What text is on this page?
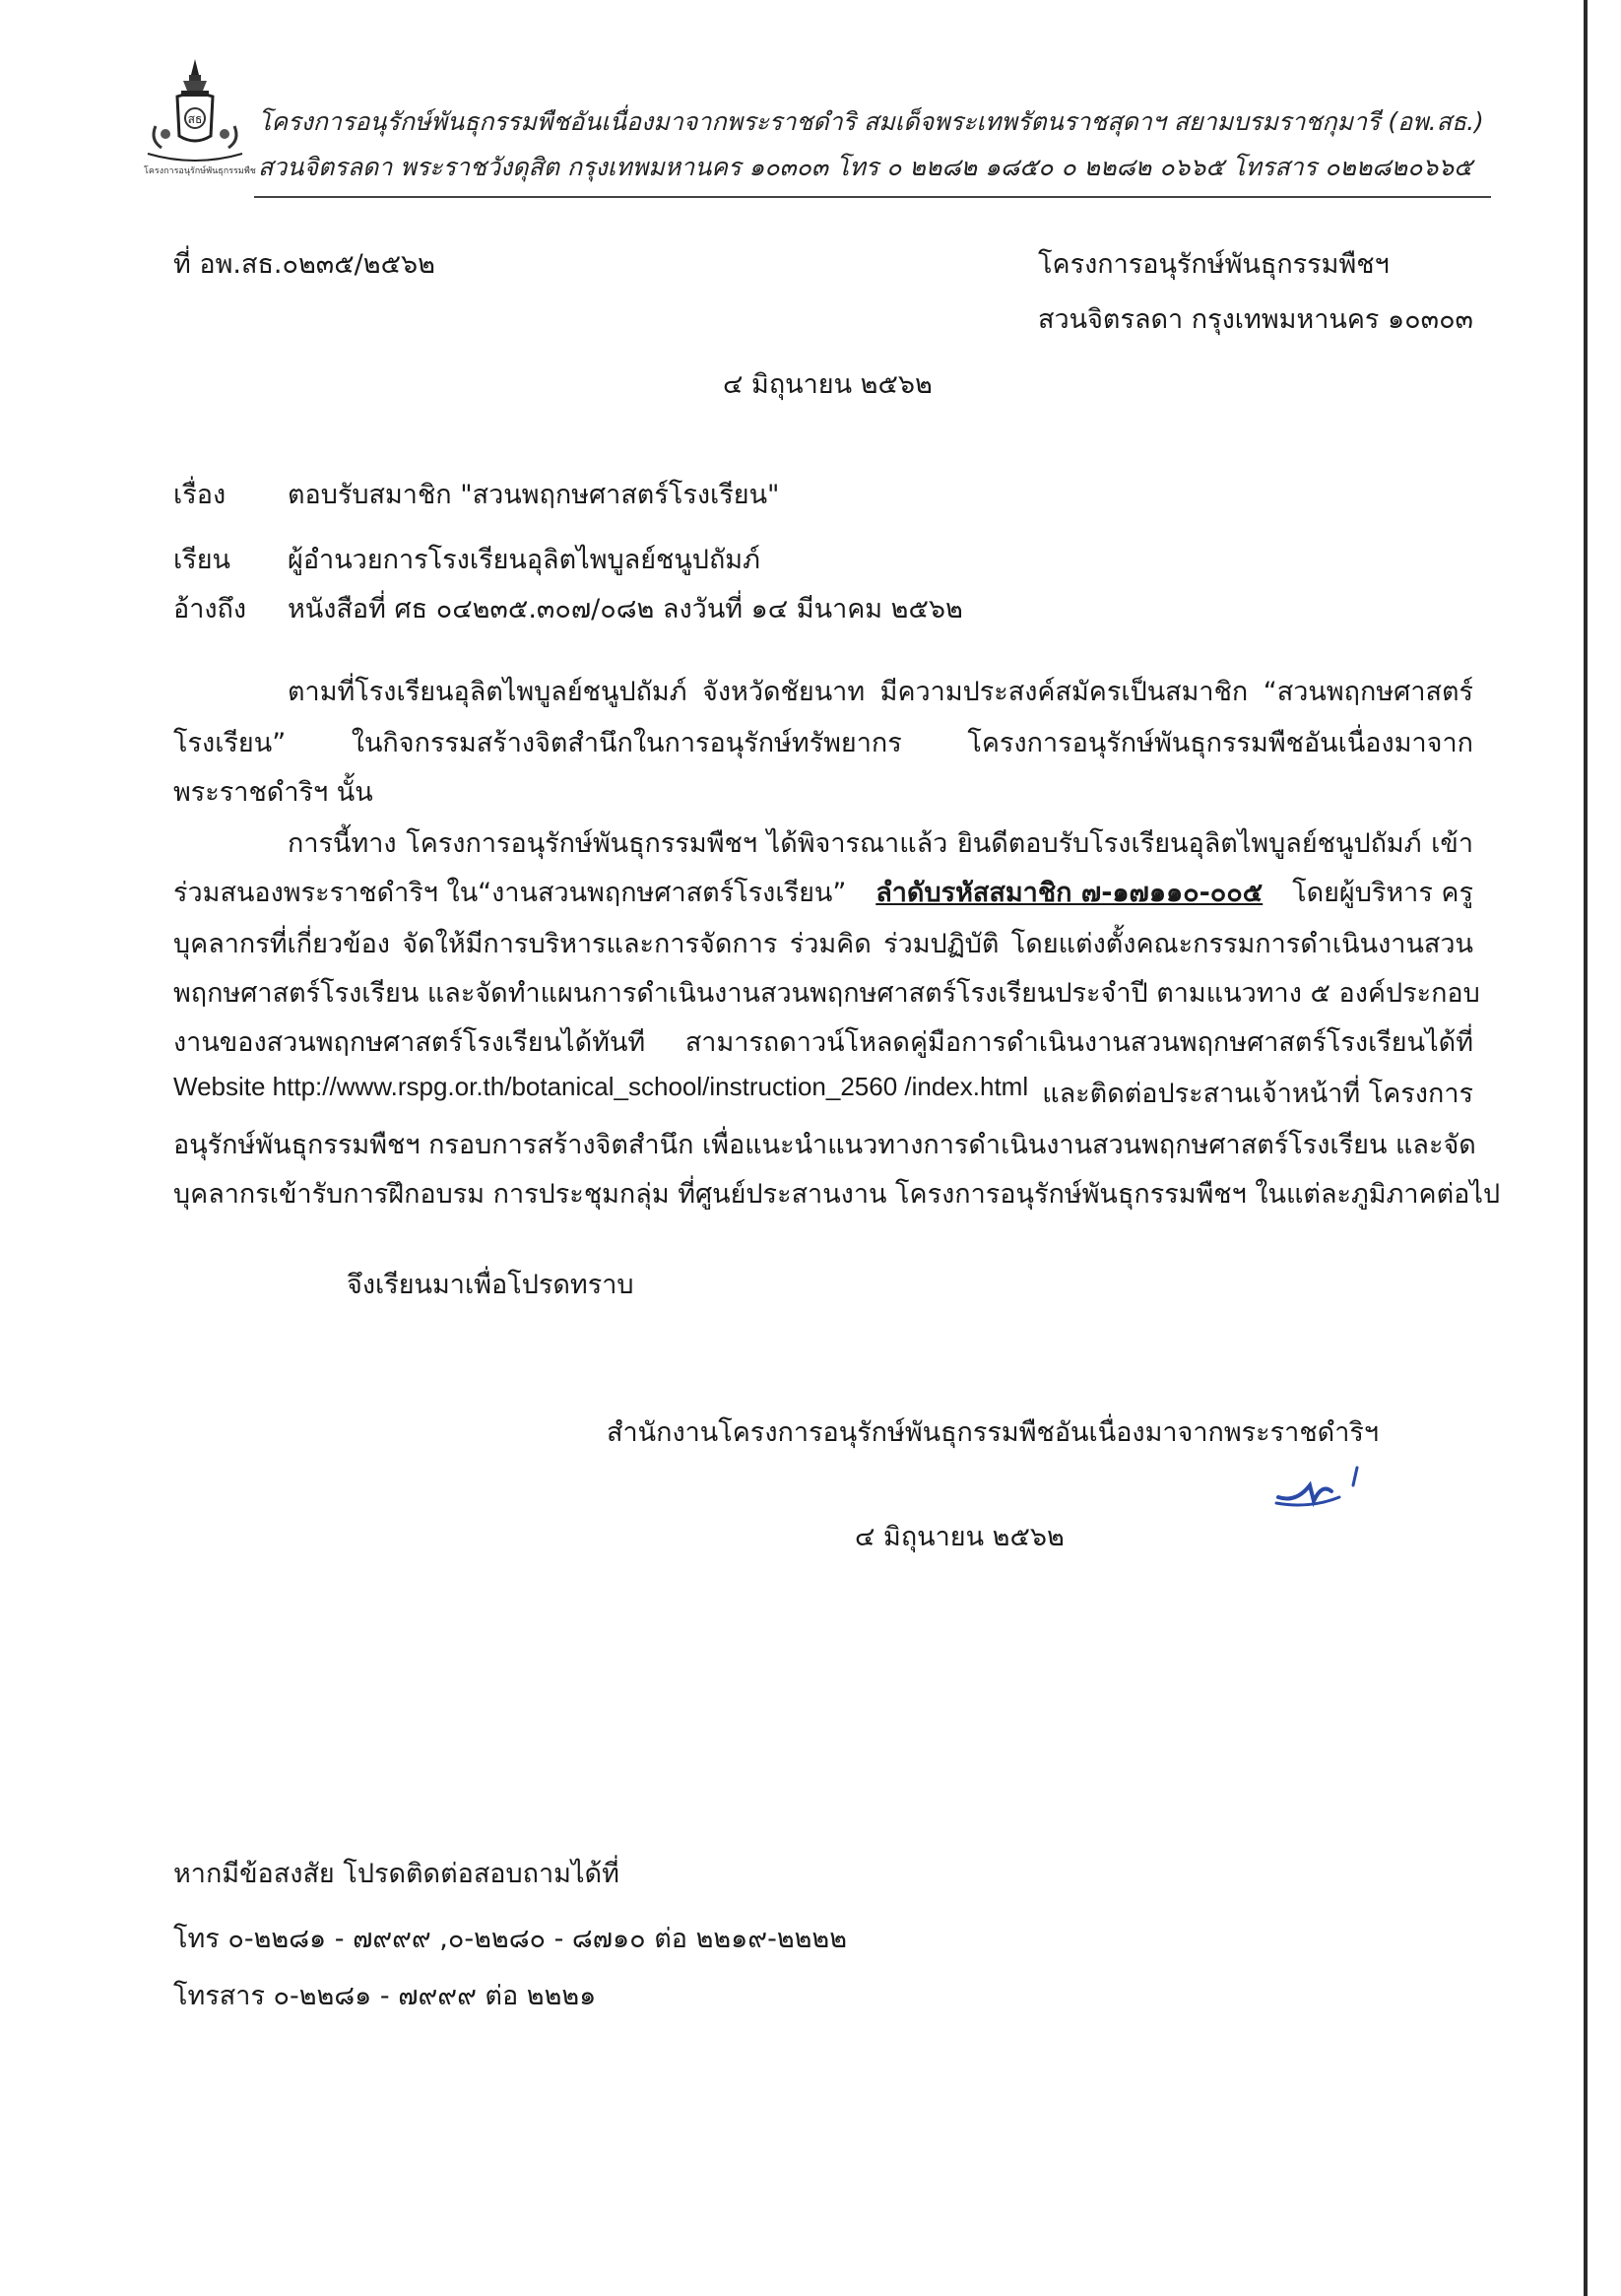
สธ
โครงการอนุรักษ์พันธุกรรมพืช
โครงการอนุรักษ์พันธุกรรมพืชอันเนื่องมาจากพระราชดำริ สมเด็จพระเทพรัตนราชสุดาฯ สยามบรมราชกุมารี (อพ.สธ.)
สวนจิตรลดา พระราชวังดุสิต กรุงเทพมหานคร ๑๐๓๐๓ โทร ๐ ๒๒๘๒ ๑๘๕๐ ๐ ๒๒๘๒ ๐๖๖๕ โทรสาร ๐๒๒๘๒๐๖๖๕
ที่ อพ.สธ.๐๒๓๕/๒๕๖๒	โครงการอนุรักษ์พันธุกรรมพืชฯ
สวนจิตรลดา กรุงเทพมหานคร ๑๐๓๐๓
๔ มิถุนายน ๒๕๖๒
เรื่อง ตอบรับสมาชิก "สวนพฤกษศาสตร์โรงเรียน"
เรียน ผู้อำนวยการโรงเรียนอุลิตไพบูลย์ชนูปถัมภ์
อ้างถึง หนังสือที่ ศธ ๐๔๒๓๕.๓๐๗/๐๘๒ ลงวันที่ ๑๔ มีนาคม ๒๕๖๒
ตามที่โรงเรียนอุลิตไพบูลย์ชนูปถัมภ์ จังหวัดชัยนาท มีความประสงค์สมัครเป็นสมาชิก “สวนพฤกษศาสตร์
โรงเรียน” ในกิจกรรมสร้างจิตสำนึกในการอนุรักษ์ทรัพยากร โครงการอนุรักษ์พันธุกรรมพืชอันเนื่องมาจาก
พระราชดำริฯ นั้น
การนี้ทาง โครงการอนุรักษ์พันธุกรรมพืชฯ ได้พิจารณาแล้ว ยินดีตอบรับโรงเรียนอุลิตไพบูลย์ชนูปถัมภ์ เข้า
ร่วมสนองพระราชดำริฯ ใน“งานสวนพฤกษศาสตร์โรงเรียน” ลำดับรหัสสมาชิก ๗-๑๗๑๑๐-๐๐๕ โดยผู้บริหาร ครู
บุคลากรที่เกี่ยวข้อง จัดให้มีการบริหารและการจัดการ ร่วมคิด ร่วมปฏิบัติ โดยแต่งตั้งคณะกรรมการดำเนินงานสวน
พฤกษศาสตร์โรงเรียน และจัดทำแผนการดำเนินงานสวนพฤกษศาสตร์โรงเรียนประจำปี ตามแนวทาง ๕ องค์ประกอบ
งานของสวนพฤกษศาสตร์โรงเรียนได้ทันที สามารถดาวน์โหลดคู่มือการดำเนินงานสวนพฤกษศาสตร์โรงเรียนได้ที่
Website http://www.rspg.or.th/botanical_school/instruction_2560 /index.html และติดต่อประสานเจ้าหน้าที่ โครงการ
อนุรักษ์พันธุกรรมพืชฯ กรอบการสร้างจิตสำนึก เพื่อแนะนำแนวทางการดำเนินงานสวนพฤกษศาสตร์โรงเรียน และจัด
บุคลากรเข้ารับการฝึกอบรม การประชุมกลุ่ม ที่ศูนย์ประสานงาน โครงการอนุรักษ์พันธุกรรมพืชฯ ในแต่ละภูมิภาคต่อไป
จึงเรียนมาเพื่อโปรดทราบ
สำนักงานโครงการอนุรักษ์พันธุกรรมพืชอันเนื่องมาจากพระราชดำริฯ
๔ มิถุนายน ๒๕๖๒
หากมีข้อสงสัย โปรดติดต่อสอบถามได้ที่
โทร ๐-๒๒๘๑ - ๗๙๙๙ ,๐-๒๒๘๐ - ๘๗๑๐ ต่อ ๒๒๑๙-๒๒๒๒
โทรสาร ๐-๒๒๘๑ - ๗๙๙๙ ต่อ ๒๒๒๑
